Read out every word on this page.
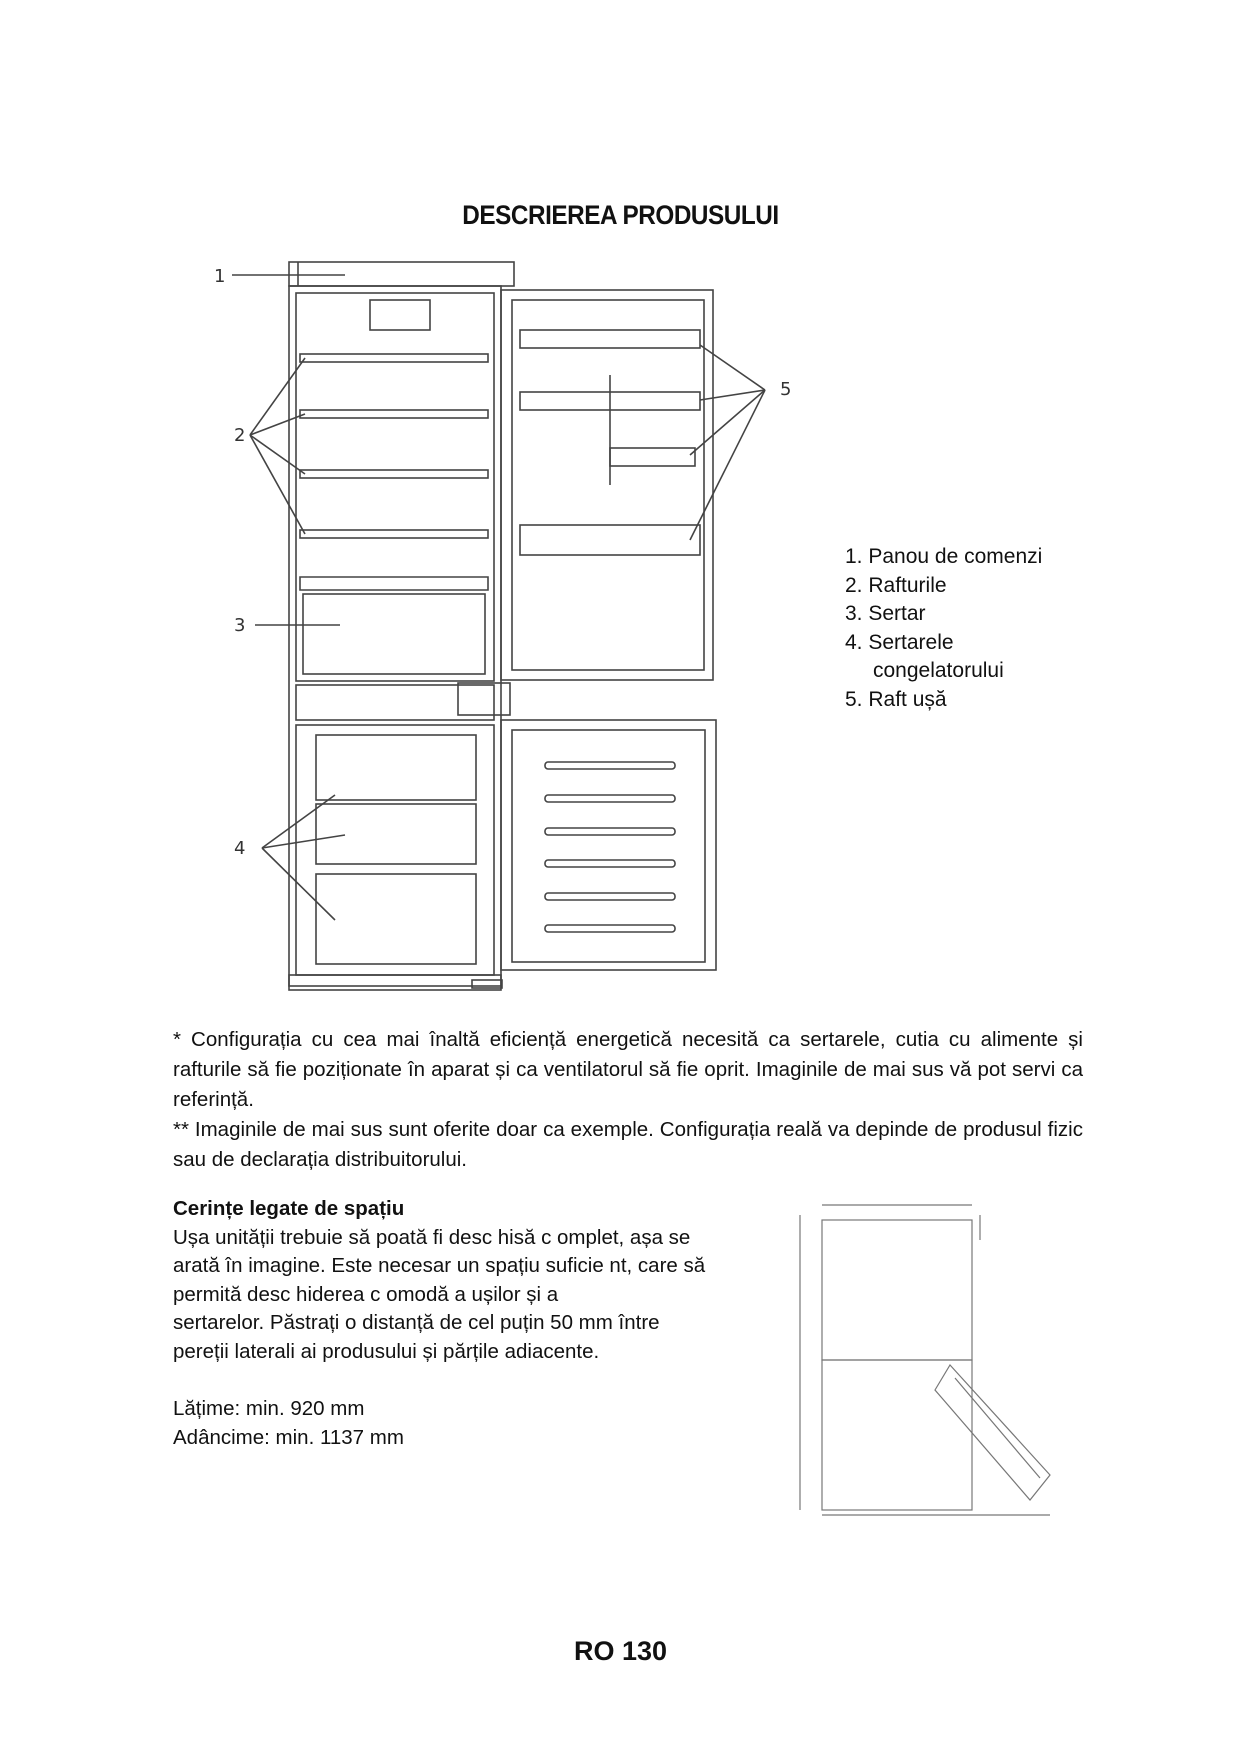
DESCRIEREA PRODUSULUI
1
2
3
4
5
1. Panou de comenzi
2. Rafturile
3. Sertar
4. Sertarele
congelatorului
5. Raft ușă

* Configurația cu cea mai înaltă eficiență energetică necesită ca sertarele, cutia cu alimente și rafturile să fie poziționate în aparat și ca ventilatorul să fie oprit. Imaginile de mai sus vă pot servi ca referință.

** Imaginile de mai sus sunt oferite doar ca exemple. Configurația reală va depinde de produsul fizic sau de declarația distribuitorului.

Cerințe legate de spațiu

Ușa unității trebuie să poată fi desc hisă c omplet, așa se

arată în imagine. Este necesar un spațiu suficie nt, care să

permită desc hiderea c omodă a ușilor și a

sertarelor. Păstrați o distanță de cel puțin 50 mm între

pereții laterali ai produsului și părțile adiacente.

Lățime: min. 920 mm

Adâncime: min. 1137 mm

RO 130
